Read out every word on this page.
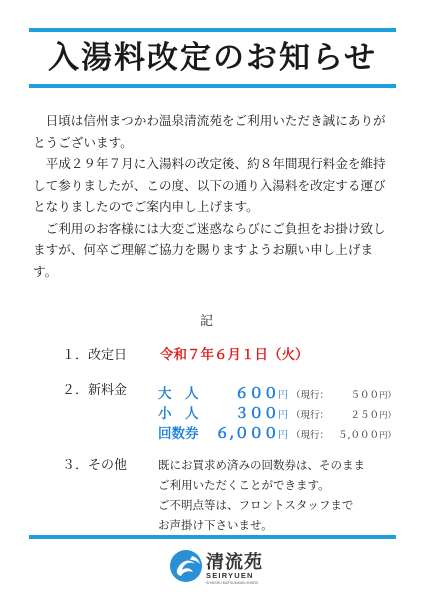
入湯料改定のお知らせ

日頃は信州まつかわ温泉清流苑をご利用いただき誠にありがとうございます。

平成２９年７月に入湯料の改定後、約８年間現行料金を維持して参りましたが、この度、以下の通り入湯料を改定する運びとなりましたのでご案内申し上げます。

ご利用のお客様には大変ご迷惑ならびにご負担をお掛け致しますが、何卒ご理解ご協力を賜りますようお願い申し上げます。

記
１．改定日 令和７年６月１日（火）
２．新料金 大　人 ６００円 （現行： ５００円）
小　人 ３００円 （現行： ２５０円）
回数券 ６,０００円 （現行： ５,０００円）
３．その他	既にお買求め済みの回数券は、そのまま
ご利用いただくことができます。
ご不明点等は、フロントスタッフまで
お声掛け下さいませ。
清流苑
SEIRYUEN
SHINSHU MATSUKAWA ONSEN
